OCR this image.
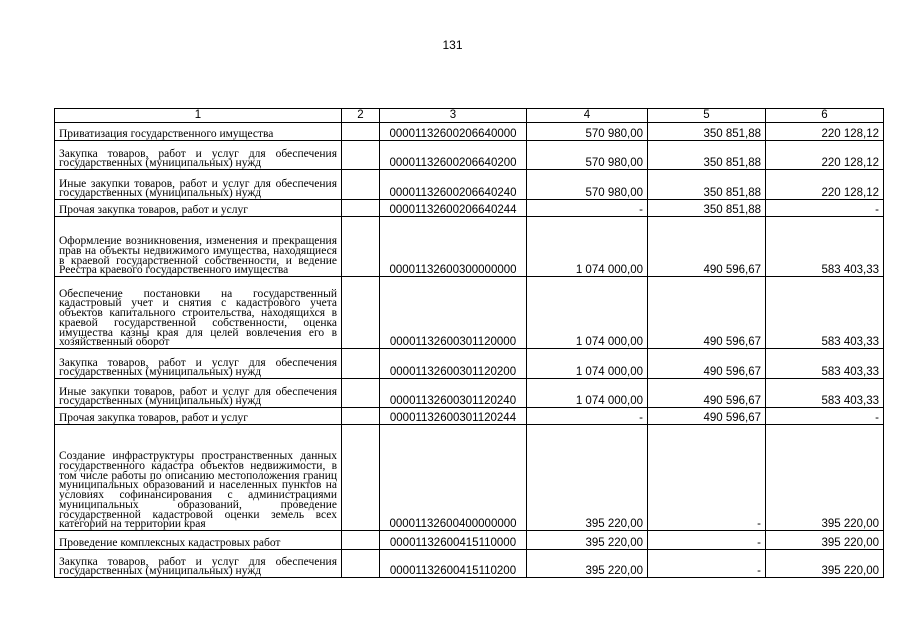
131
1	2	3	4	5	6
Приватизация государственного имущества		00001132600206640000	570 980,00	350 851,88	220 128,12
Закупка товаров, работ и услуг для обеспечения государственных (муниципальных) нужд		00001132600206640200	570 980,00	350 851,88	220 128,12
Иные закупки товаров, работ и услуг для обеспечения государственных (муниципальных) нужд		00001132600206640240	570 980,00	350 851,88	220 128,12
Прочая закупка товаров, работ и услуг		00001132600206640244	-	350 851,88	-
Оформление возникновения, изменения и прекращения прав на объекты недвижимого имущества, находящиеся в краевой государственной собственности, и ведение Реестра краевого государственного имущества		00001132600300000000	1 074 000,00	490 596,67	583 403,33
Обеспечение постановки на государственный кадастровый учет и снятия с кадастрового учета объектов капитального строительства, находящихся в краевой государственной собственности, оценка имущества казны края для целей вовлечения его в хозяйственный оборот		00001132600301120000	1 074 000,00	490 596,67	583 403,33
Закупка товаров, работ и услуг для обеспечения государственных (муниципальных) нужд		00001132600301120200	1 074 000,00	490 596,67	583 403,33
Иные закупки товаров, работ и услуг для обеспечения государственных (муниципальных) нужд		00001132600301120240	1 074 000,00	490 596,67	583 403,33
Прочая закупка товаров, работ и услуг		00001132600301120244	-	490 596,67	-
Создание инфраструктуры пространственных данных государственного кадастра объектов недвижимости, в том числе работы по описанию местоположения границ муниципальных образований и населенных пунктов на условиях софинансирования с администрациями муниципальных образований, проведение государственной кадастровой оценки земель всех категорий на территории края		00001132600400000000	395 220,00	-	395 220,00
Проведение комплексных кадастровых работ		00001132600415110000	395 220,00	-	395 220,00
Закупка товаров, работ и услуг для обеспечения государственных (муниципальных) нужд		00001132600415110200	395 220,00	-	395 220,00
